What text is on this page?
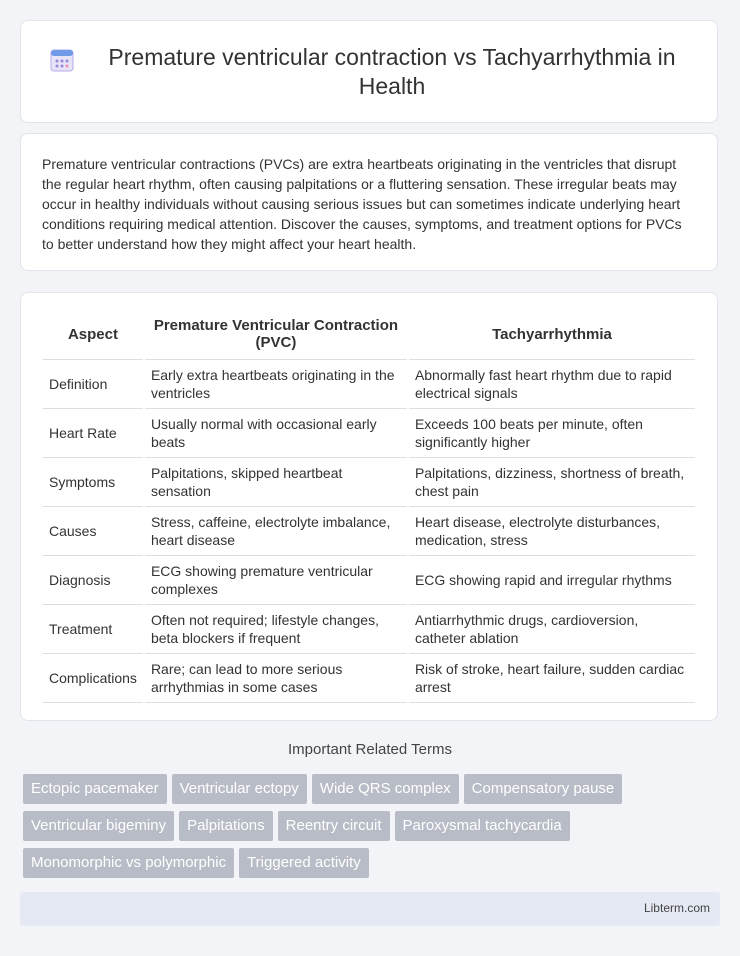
Premature ventricular contraction vs Tachyarrhythmia in Health

Premature ventricular contractions (PVCs) are extra heartbeats originating in the ventricles that disrupt the regular heart rhythm, often causing palpitations or a fluttering sensation. These irregular beats may occur in healthy individuals without causing serious issues but can sometimes indicate underlying heart conditions requiring medical attention. Discover the causes, symptoms, and treatment options for PVCs to better understand how they might affect your heart health.

Aspect	Premature Ventricular Contraction (PVC)	Tachyarrhythmia
Definition	Early extra heartbeats originating in the ventricles	Abnormally fast heart rhythm due to rapid electrical signals
Heart Rate	Usually normal with occasional early beats	Exceeds 100 beats per minute, often significantly higher
Symptoms	Palpitations, skipped heartbeat sensation	Palpitations, dizziness, shortness of breath, chest pain
Causes	Stress, caffeine, electrolyte imbalance, heart disease	Heart disease, electrolyte disturbances, medication, stress
Diagnosis	ECG showing premature ventricular complexes	ECG showing rapid and irregular rhythms
Treatment	Often not required; lifestyle changes, beta blockers if frequent	Antiarrhythmic drugs, cardioversion, catheter ablation
Complications	Rare; can lead to more serious arrhythmias in some cases	Risk of stroke, heart failure, sudden cardiac arrest
Important Related Terms
Ectopic pacemaker	Ventricular ectopy	Wide QRS complex	Compensatory pause
Ventricular bigeminy	Palpitations	Reentry circuit	Paroxysmal tachycardia
Monomorphic vs polymorphic	Triggered activity
Libterm.com
